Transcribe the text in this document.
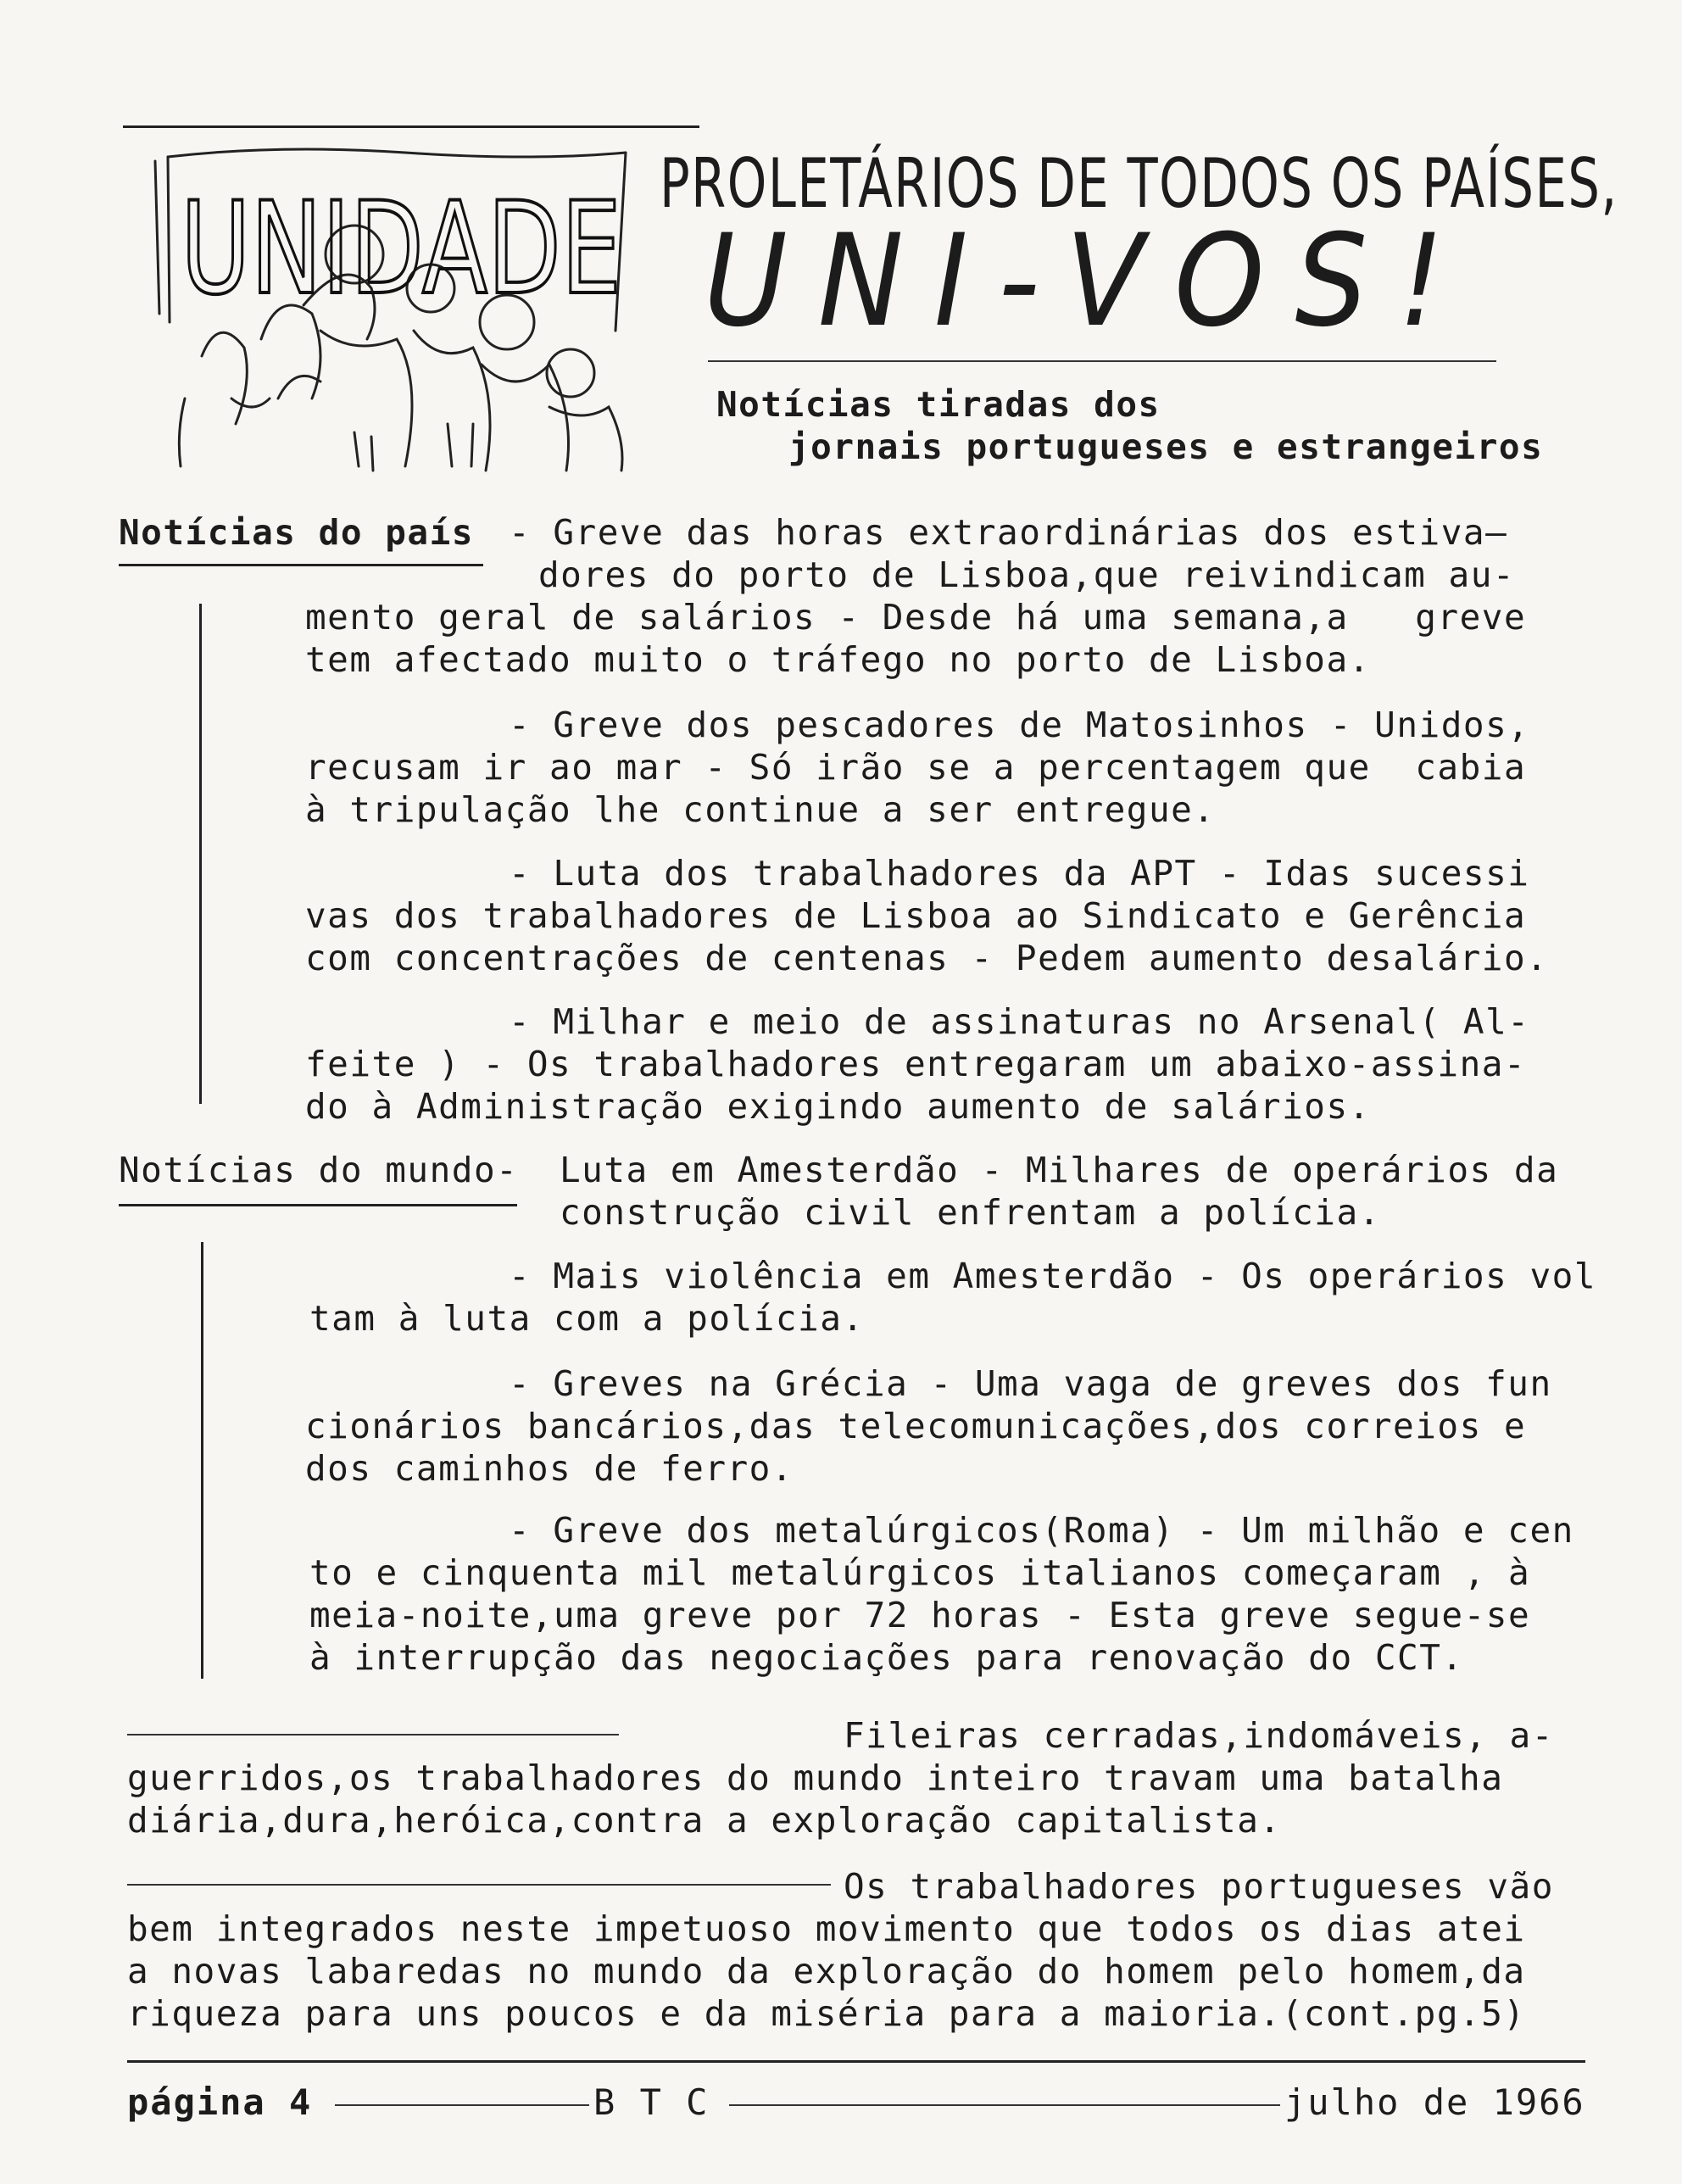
UNIDADE PROLETÁRIOS DE TODOS OS PAÍSES,
UNI-VOS!
Notícias tiradas dos
jornais portugueses e estrangeiros
Notícias do país - Greve das horas extraordinárias dos estiva—
dores do porto de Lisboa,que reivindicam au-
mento geral de salários - Desde há uma semana,a   greve
tem afectado muito o tráfego no porto de Lisboa.
- Greve dos pescadores de Matosinhos - Unidos,
recusam ir ao mar - Só irão se a percentagem que  cabia
à tripulação lhe continue a ser entregue.
- Luta dos trabalhadores da APT - Idas sucessi
vas dos trabalhadores de Lisboa ao Sindicato e Gerência
com concentrações de centenas - Pedem aumento desalário.
- Milhar e meio de assinaturas no Arsenal( Al-
feite ) - Os trabalhadores entregaram um abaixo-assina-
do à Administração exigindo aumento de salários.
Notícias do mundo- Luta em Amesterdão - Milhares de operários da
construção civil enfrentam a polícia.
- Mais violência em Amesterdão - Os operários vol
tam à luta com a polícia.
- Greves na Grécia - Uma vaga de greves dos fun
cionários bancários,das telecomunicações,dos correios e
dos caminhos de ferro.
- Greve dos metalúrgicos(Roma) - Um milhão e cen
to e cinquenta mil metalúrgicos italianos começaram , à
meia-noite,uma greve por 72 horas - Esta greve segue-se
à interrupção das negociações para renovação do CCT.
Fileiras cerradas,indomáveis, a-
guerridos,os trabalhadores do mundo inteiro travam uma batalha
diária,dura,heróica,contra a exploração capitalista.
Os trabalhadores portugueses vão
bem integrados neste impetuoso movimento que todos os dias atei
a novas labaredas no mundo da exploração do homem pelo homem,da
riqueza para uns poucos e da miséria para a maioria.(cont.pg.5)
página 4	B T C	julho de 1966
